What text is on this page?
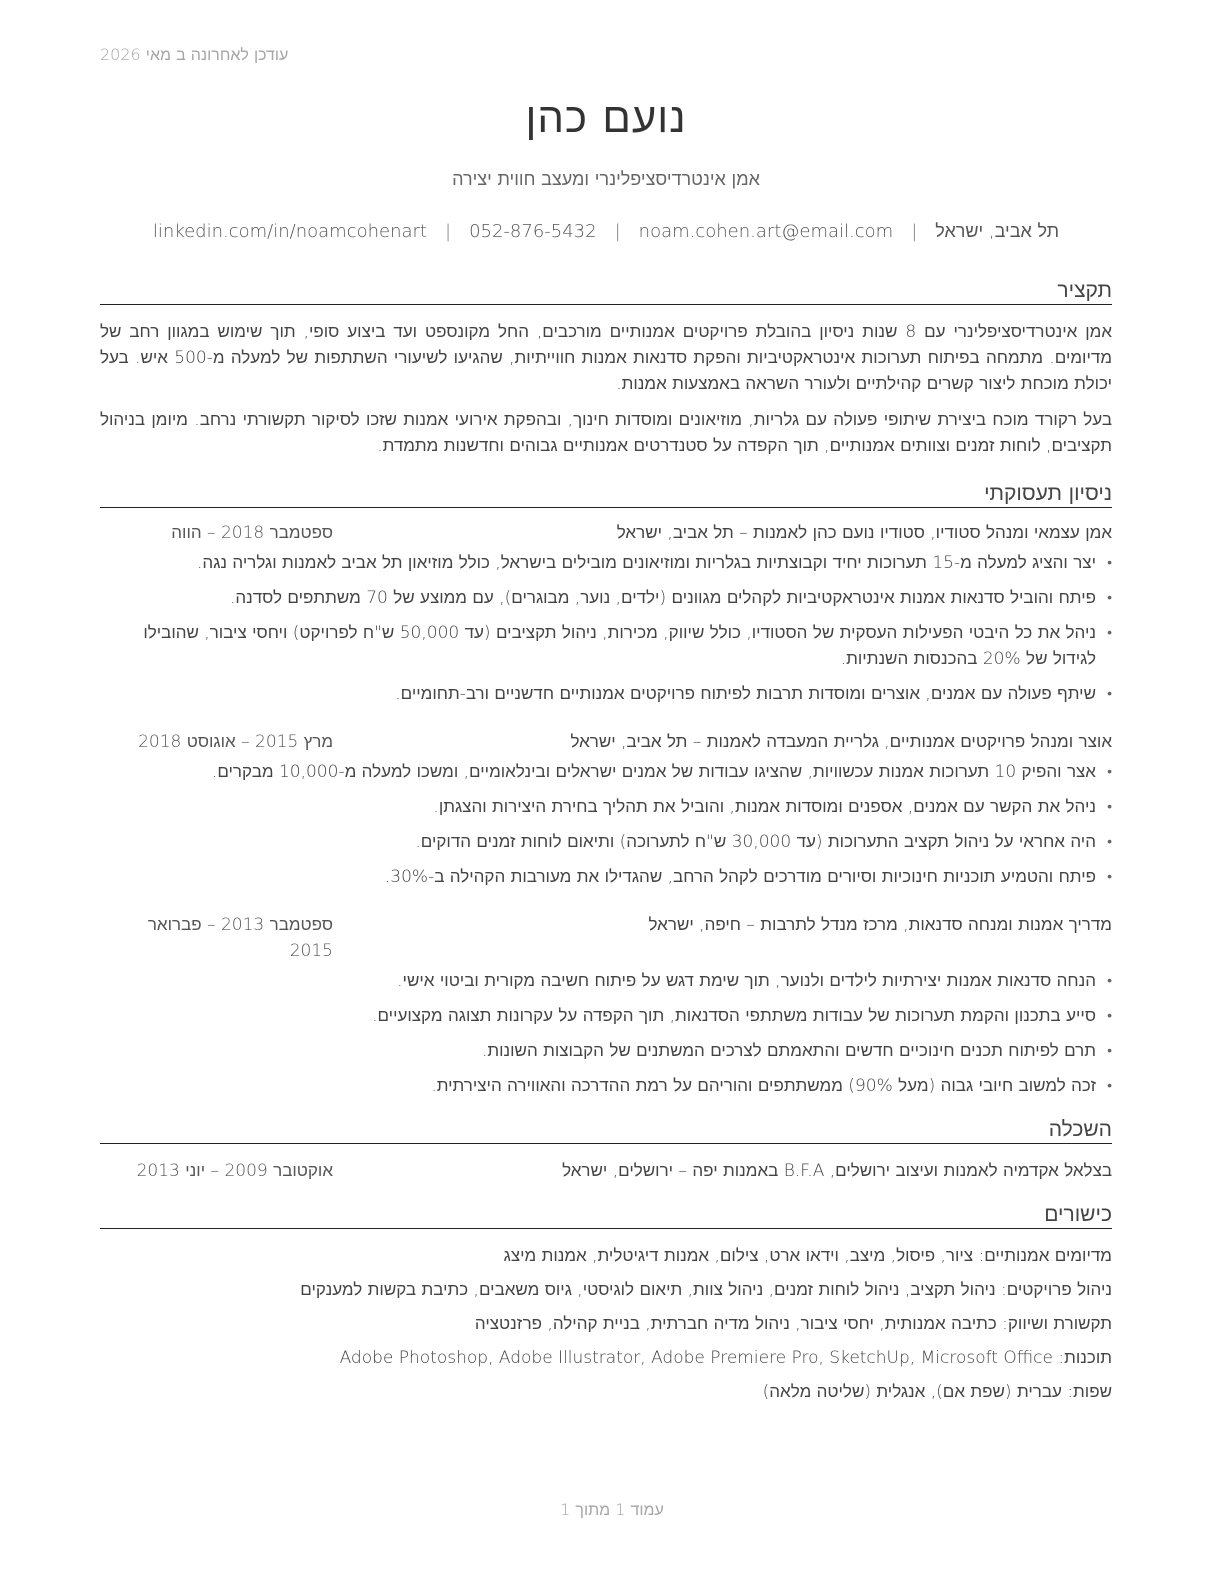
עודכן לאחרונה ב מאי 2026
נועם כהן
אמן אינטרדיסציפלינרי ומעצב חווית יצירה
תל אביב, ישראל
|
noam.cohen.art@email.com
|
052-876-5432
|
linkedin.com/in/noamcohenart
תקציר
אמן אינטרדיסציפלינרי עם 8 שנות ניסיון בהובלת פרויקטים אמנותיים מורכבים, החל מקונספט ועד ביצוע סופי, תוך שימוש במגוון רחב של מדיומים. מתמחה בפיתוח תערוכות אינטראקטיביות והפקת סדנאות אמנות חווייתיות, שהגיעו לשיעורי השתתפות של למעלה מ-500 איש. בעל יכולת מוכחת ליצור קשרים קהילתיים ולעורר השראה באמצעות אמנות.
בעל רקורד מוכח ביצירת שיתופי פעולה עם גלריות, מוזיאונים ומוסדות חינוך, ובהפקת אירועי אמנות שזכו לסיקור תקשורתי נרחב. מיומן בניהול תקציבים, לוחות זמנים וצוותים אמנותיים, תוך הקפדה על סטנדרטים אמנותיים גבוהים וחדשנות מתמדת.
ניסיון תעסוקתי
אמן עצמאי ומנהל סטודיו, סטודיו נועם כהן לאמנות – תל אביב, ישראל
ספטמבר 2018 – הווה
• יצר והציג למעלה מ-15 תערוכות יחיד וקבוצתיות בגלריות ומוזיאונים מובילים בישראל, כולל מוזיאון תל אביב לאמנות וגלריה נגה.
• פיתח והוביל סדנאות אמנות אינטראקטיביות לקהלים מגוונים (ילדים, נוער, מבוגרים), עם ממוצע של 70 משתתפים לסדנה.
• ניהל את כל היבטי הפעילות העסקית של הסטודיו, כולל שיווק, מכירות, ניהול תקציבים (עד 50,000 ש"ח לפרויקט) ויחסי ציבור, שהובילו לגידול של 20% בהכנסות השנתיות.
• שיתף פעולה עם אמנים, אוצרים ומוסדות תרבות לפיתוח פרויקטים אמנותיים חדשניים ורב-תחומיים.
אוצר ומנהל פרויקטים אמנותיים, גלריית המעבדה לאמנות – תל אביב, ישראל
מרץ 2015 – אוגוסט 2018
• אצר והפיק 10 תערוכות אמנות עכשוויות, שהציגו עבודות של אמנים ישראלים ובינלאומיים, ומשכו למעלה מ-10,000 מבקרים.
• ניהל את הקשר עם אמנים, אספנים ומוסדות אמנות, והוביל את תהליך בחירת היצירות והצגתן.
• היה אחראי על ניהול תקציב התערוכות (עד 30,000 ש"ח לתערוכה) ותיאום לוחות זמנים הדוקים.
• פיתח והטמיע תוכניות חינוכיות וסיורים מודרכים לקהל הרחב, שהגדילו את מעורבות הקהילה ב-30%.
מדריך אמנות ומנחה סדנאות, מרכז מנדל לתרבות – חיפה, ישראל
ספטמבר 2013 – פברואר 2015
• הנחה סדנאות אמנות יצירתיות לילדים ולנוער, תוך שימת דגש על פיתוח חשיבה מקורית וביטוי אישי.
• סייע בתכנון והקמת תערוכות של עבודות משתתפי הסדנאות, תוך הקפדה על עקרונות תצוגה מקצועיים.
• תרם לפיתוח תכנים חינוכיים חדשים והתאמתם לצרכים המשתנים של הקבוצות השונות.
• זכה למשוב חיובי גבוה (מעל 90%) ממשתתפים והוריהם על רמת ההדרכה והאווירה היצירתית.
השכלה
בצלאל אקדמיה לאמנות ועיצוב ירושלים, B.F.A באמנות יפה – ירושלים, ישראל
אוקטובר 2009 – יוני 2013
כישורים
מדיומים אמנותיים: ציור, פיסול, מיצב, וידאו ארט, צילום, אמנות דיגיטלית, אמנות מיצג
ניהול פרויקטים: ניהול תקציב, ניהול לוחות זמנים, ניהול צוות, תיאום לוגיסטי, גיוס משאבים, כתיבת בקשות למענקים
תקשורת ושיווק: כתיבה אמנותית, יחסי ציבור, ניהול מדיה חברתית, בניית קהילה, פרזנטציה
תוכנות: Adobe Photoshop, Adobe Illustrator, Adobe Premiere Pro, SketchUp, Microsoft Office
שפות: עברית (שפת אם), אנגלית (שליטה מלאה)
עמוד 1 מתוך 1
